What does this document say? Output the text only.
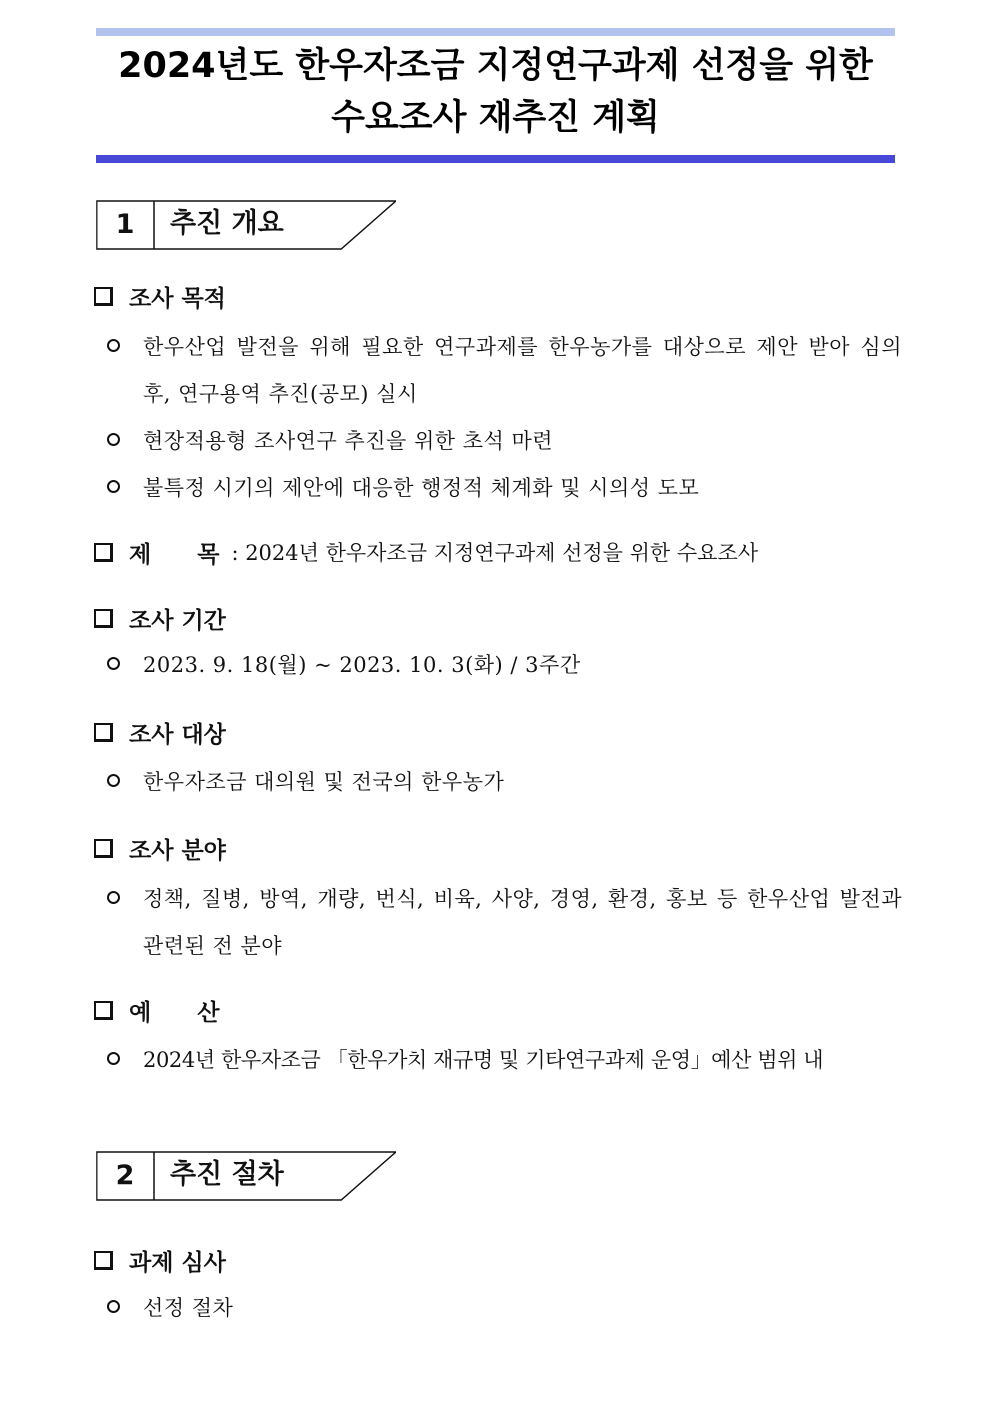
2024년도 한우자조금 지정연구과제 선정을 위한
수요조사 재추진 계획
1	추진 개요
조사 목적
한우산업 발전을 위해 필요한 연구과제를 한우농가를 대상으로 제안 받아 심의 후, 연구용역 추진(공모) 실시
현장적용형 조사연구 추진을 위한 초석 마련
불특정 시기의 제안에 대응한 행정적 체계화 및 시의성 도모
제　　목 : 2024년 한우자조금 지정연구과제 선정을 위한 수요조사
조사 기간
2023. 9. 18(월) ~ 2023. 10. 3(화) / 3주간
조사 대상
한우자조금 대의원 및 전국의 한우농가
조사 분야
정책, 질병, 방역, 개량, 번식, 비육, 사양, 경영, 환경, 홍보 등 한우산업 발전과 관련된 전 분야
예　　산
2024년 한우자조금 「한우가치 재규명 및 기타연구과제 운영」예산 범위 내
2	추진 절차
과제 심사
선정 절차
